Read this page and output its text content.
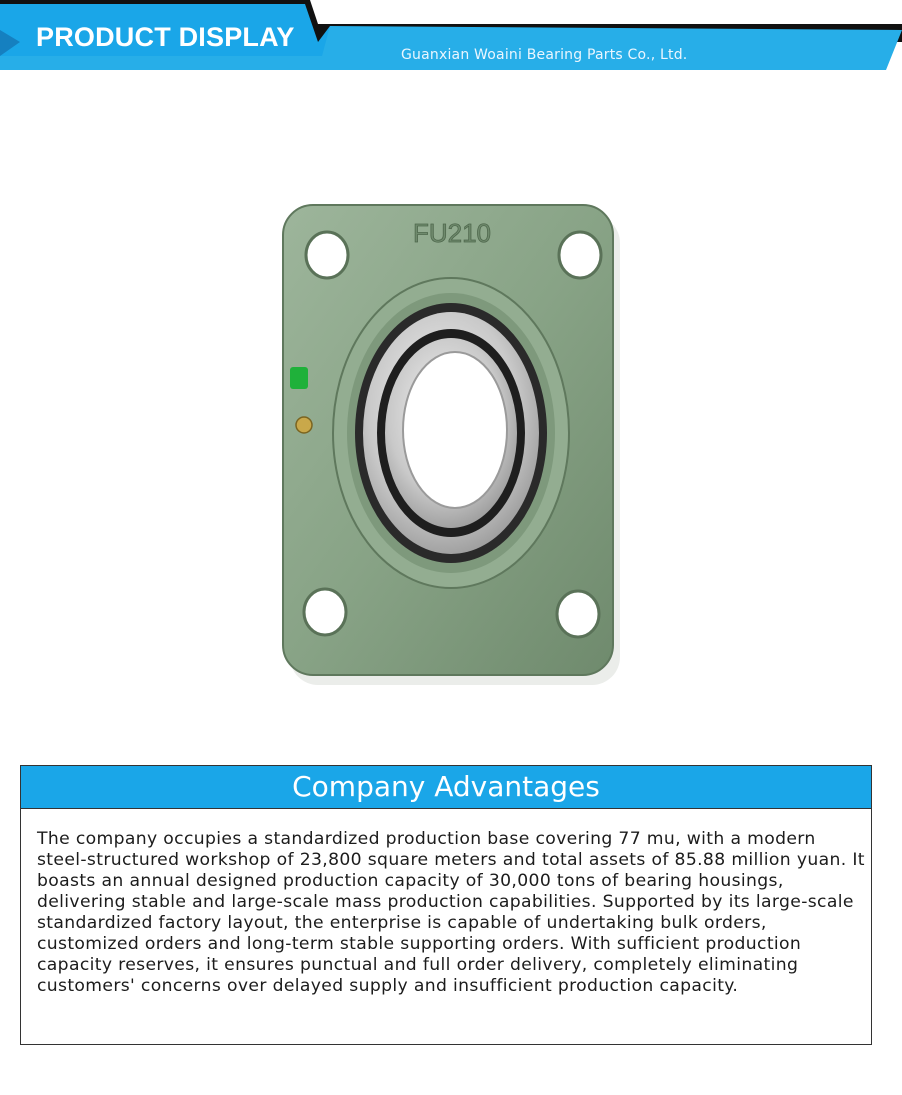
PRODUCT DISPLAY
Guanxian Woaini Bearing Parts Co., Ltd.
FU210
Company Advantages
The company occupies a standardized production base covering 77 mu, with a modern steel-structured workshop of 23,800 square meters and total assets of 85.88 million yuan. It boasts an annual designed production capacity of 30,000 tons of bearing housings, delivering stable and large-scale mass production capabilities. Supported by its large-scale standardized factory layout, the enterprise is capable of undertaking bulk orders, customized orders and long-term stable supporting orders. With sufficient production capacity reserves, it ensures punctual and full order delivery, completely eliminating customers' concerns over delayed supply and insufficient production capacity.
